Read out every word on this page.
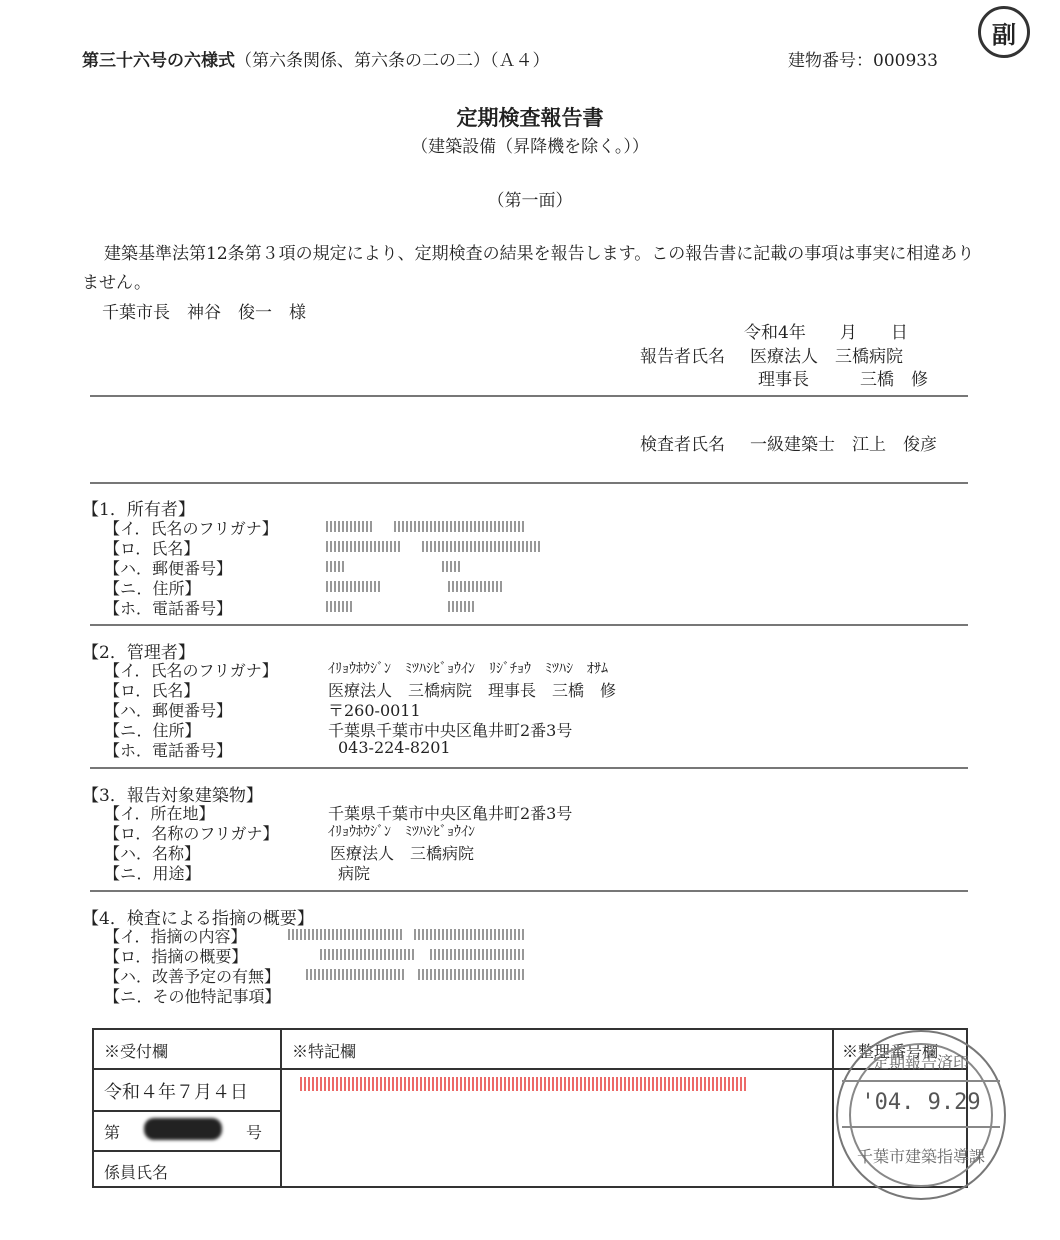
第三十六号の六様式（第六条関係、第六条の二の二）（Ａ４）	建物番号：000933
副
定期検査報告書
（建築設備（昇降機を除く。））
（第一面）
建築基準法第12条第３項の規定により、定期検査の結果を報告します。この報告書に記載の事項は事実に相違ありません。
千葉市長　神谷　俊一　様
令和4年　　月　　日
報告者氏名 医療法人　三橋病院
理事長　　　三橋　修
検査者氏名 一級建築士　江上　俊彦
【1．所有者】
【イ．氏名のフリガナ】
【ロ．氏名】
【ハ．郵便番号】
【ニ．住所】
【ホ．電話番号】
【2．管理者】
【イ．氏名のフリガナ】	ｲﾘｮｳﾎｳｼﾞﾝ　ﾐﾂﾊｼﾋﾞｮｳｲﾝ　ﾘｼﾞﾁｮｳ　ﾐﾂﾊｼ　ｵｻﾑ
【ロ．氏名】	医療法人　三橋病院　理事長　三橋　修
【ハ．郵便番号】	〒260-0011
【ニ．住所】	千葉県千葉市中央区亀井町2番3号
【ホ．電話番号】	043-224-8201
【3．報告対象建築物】
【イ．所在地】	千葉県千葉市中央区亀井町2番3号
【ロ．名称のフリガナ】	ｲﾘｮｳﾎｳｼﾞﾝ　ﾐﾂﾊｼﾋﾞｮｳｲﾝ
【ハ．名称】	医療法人　三橋病院
【ニ．用途】	病院
【4．検査による指摘の概要】
【イ．指摘の内容】
【ロ．指摘の概要】
【ハ．改善予定の有無】
【ニ．その他特記事項】
※受付欄	※特記欄	※整理番号欄
令和４年７月４日
第	号
係員氏名
定期報告済印
'04. 9.29
千葉市建築指導課
